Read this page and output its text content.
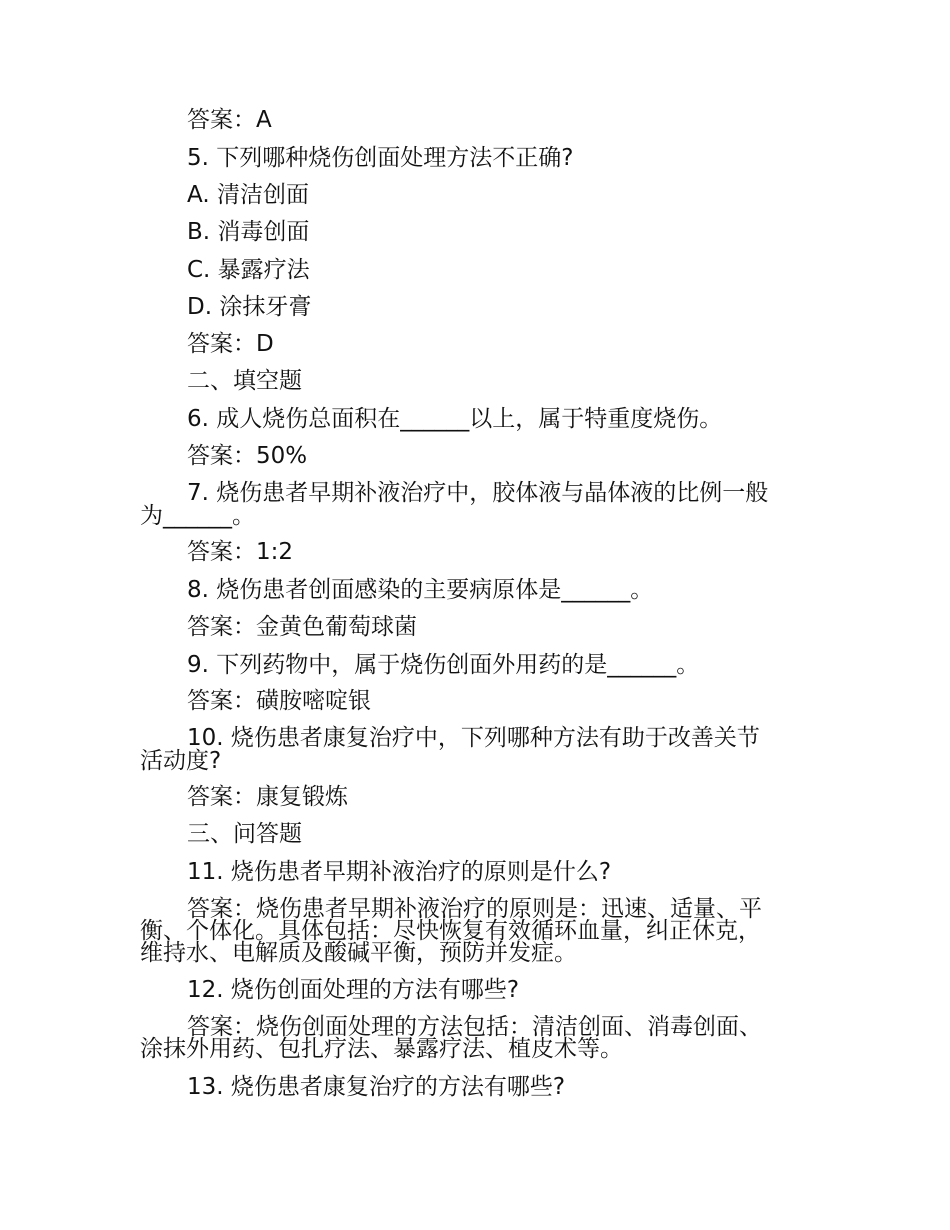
答案：A
5. 下列哪种烧伤创面处理方法不正确?
A. 清洁创面
B. 消毒创面
C. 暴露疗法
D. 涂抹牙膏
答案：D
二、填空题
6. 成人烧伤总面积在______以上，属于特重度烧伤。
答案：50%
7. 烧伤患者早期补液治疗中，胶体液与晶体液的比例一般
为______。
答案：1:2
8. 烧伤患者创面感染的主要病原体是______。
答案：金黄色葡萄球菌
9. 下列药物中，属于烧伤创面外用药的是______。
答案：磺胺嘧啶银
10. 烧伤患者康复治疗中，下列哪种方法有助于改善关节
活动度?
答案：康复锻炼
三、问答题
11. 烧伤患者早期补液治疗的原则是什么?
答案：烧伤患者早期补液治疗的原则是：迅速、适量、平
衡、个体化。具体包括：尽快恢复有效循环血量，纠正休克，
维持水、电解质及酸碱平衡，预防并发症。
12. 烧伤创面处理的方法有哪些?
答案：烧伤创面处理的方法包括：清洁创面、消毒创面、
涂抹外用药、包扎疗法、暴露疗法、植皮术等。
13. 烧伤患者康复治疗的方法有哪些?
